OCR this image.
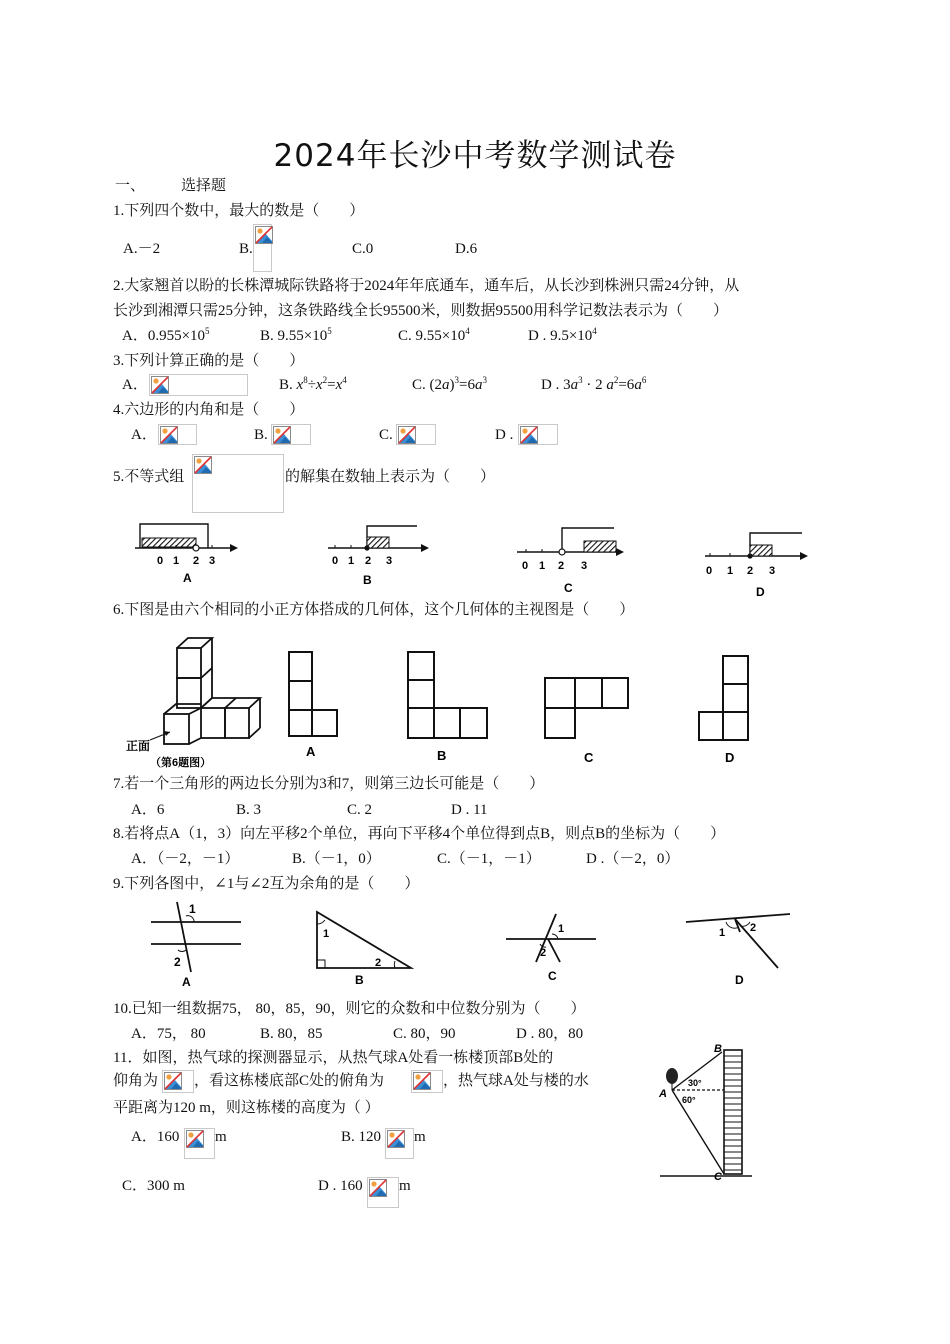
2024年长沙中考数学测试卷
一、 选择题
1.下列四个数中，最大的数是（　　）
A.－2	B.	C.0	D.6
2.大家翘首以盼的长株潭城际铁路将于2024年年底通车，通车后，从长沙到株洲只需24分钟，从
长沙到湘潭只需25分钟，这条铁路线全长95500米，则数据95500用科学记数法表示为（　　）
A．$0.955\times 10^5$	B. $9.55\times 10^5$	C. $9.55\times 10^4$	D . $9.5\times 10^4$
3.下列计算正确的是（　　）
A．	B. $x^8\div x^2=x^4$	C. $(2a)^3=6a^3$	D . $3a^3 \cdot 2$ $a^2=6a^6$
4.六边形的内角和是（　　）
A．	B.	C.	D .
5.不等式组	的解集在数轴上表示为（　　）
0 1 2 3
A
0 1 2 3
B
0 1 2 3
C
0 1 2 3
D
6.下图是由六个相同的小正方体搭成的几何体，这个几何体的主视图是（　　）
正面
（第6题图）
A	B	C	D
7.若一个三角形的两边长分别为3和7，则第三边长可能是（　　）
A．6	B. 3	C. 2	D . 11
8.若将点A（1，3）向左平移2个单位，再向下平移4个单位得到点B，则点B的坐标为（　　）
A．（－2，－1）	B.（－1，0）	C.（－1，－1）	D .（－2，0）
9.下列各图中，∠1与∠2互为余角的是（　　）
1
2
A
1
2
B
1
2
C
1 2
D
10.已知一组数据75， 80，85，90，则它的众数和中位数分别为（　　）
A．75， 80	B. 80，85	C. 80，90	D . 80，80
11．如图，热气球的探测器显示，从热气球A处看一栋楼顶部B处的
仰角为 ，看这栋楼底部C处的俯角为	，热气球A处与楼的水
平距离为120 m，则这栋楼的高度为（ ）
A．160 m	B. 120 m
C．300 m	D . 160 m
A
B
C
30°
60°
